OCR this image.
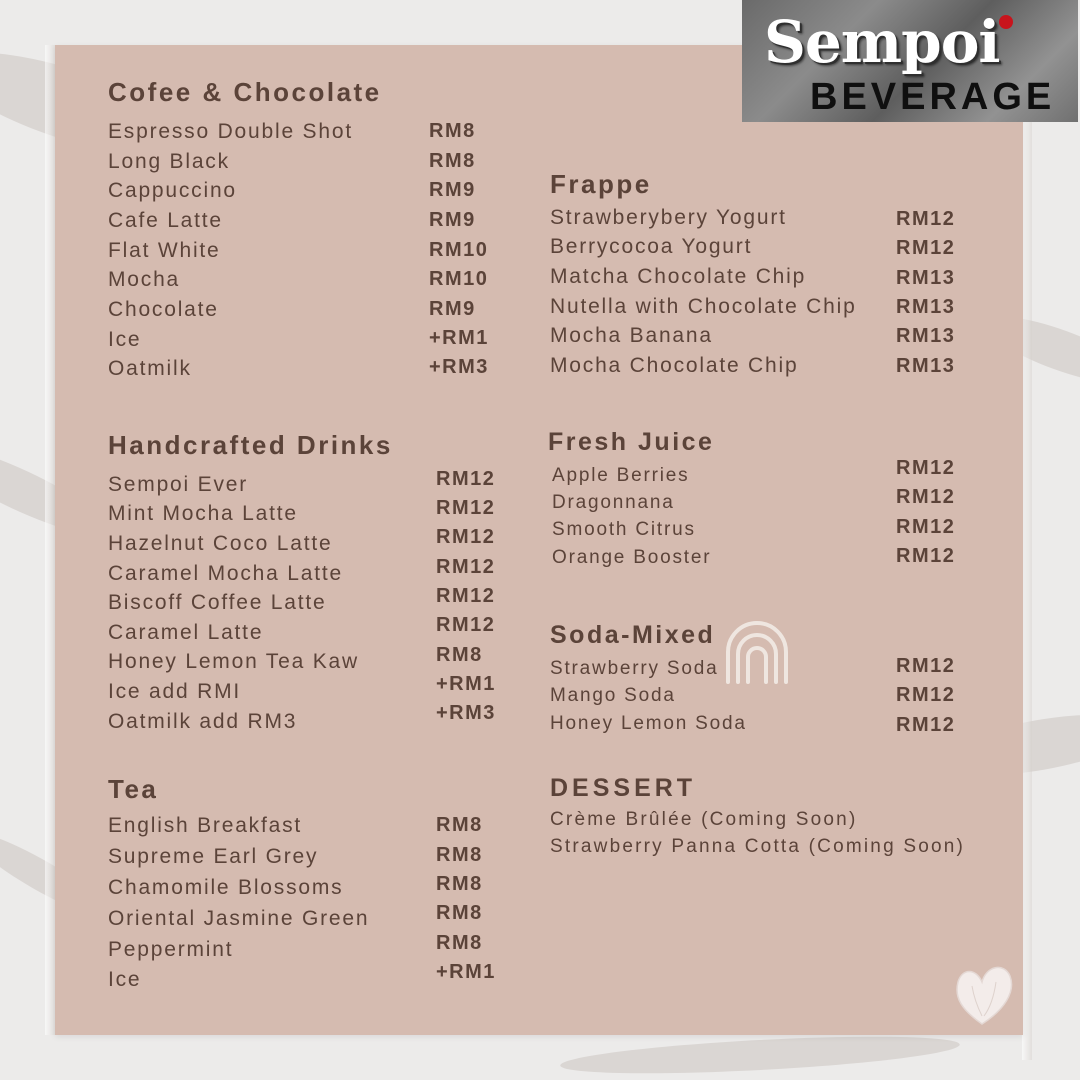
Sempoi
BEVERAGE
Cofee & Chocolate
Espresso Double Shot	RM8
Long Black	RM8
Cappuccino	RM9
Cafe Latte	RM9
Flat White	RM10
Mocha	RM10
Chocolate	RM9
Ice	+RM1
Oatmilk	+RM3
Handcrafted Drinks
Sempoi Ever	RM12
Mint Mocha Latte	RM12
Hazelnut Coco Latte	RM12
Caramel Mocha Latte	RM12
Biscoff Coffee Latte	RM12
Caramel Latte	RM12
Honey Lemon Tea Kaw	RM8
Ice add RMI	+RM1
Oatmilk add RM3	+RM3
Tea
English Breakfast	RM8
Supreme Earl Grey	RM8
Chamomile Blossoms	RM8
Oriental Jasmine Green	RM8
Peppermint	RM8
Ice	+RM1
Frappe
Strawberybery Yogurt	RM12
Berrycocoa Yogurt	RM12
Matcha Chocolate Chip	RM13
Nutella with Chocolate Chip RM13
Mocha Banana	RM13
Mocha Chocolate Chip	RM13
Fresh Juice
Apple Berries	RM12
Dragonnana	RM12
Smooth Citrus	RM12
Orange Booster	RM12
Soda-Mixed
Strawberry Soda	RM12
Mango Soda	RM12
Honey Lemon Soda	RM12
DESSERT
Crème Brûlée (Coming Soon)
Strawberry Panna Cotta (Coming Soon)
